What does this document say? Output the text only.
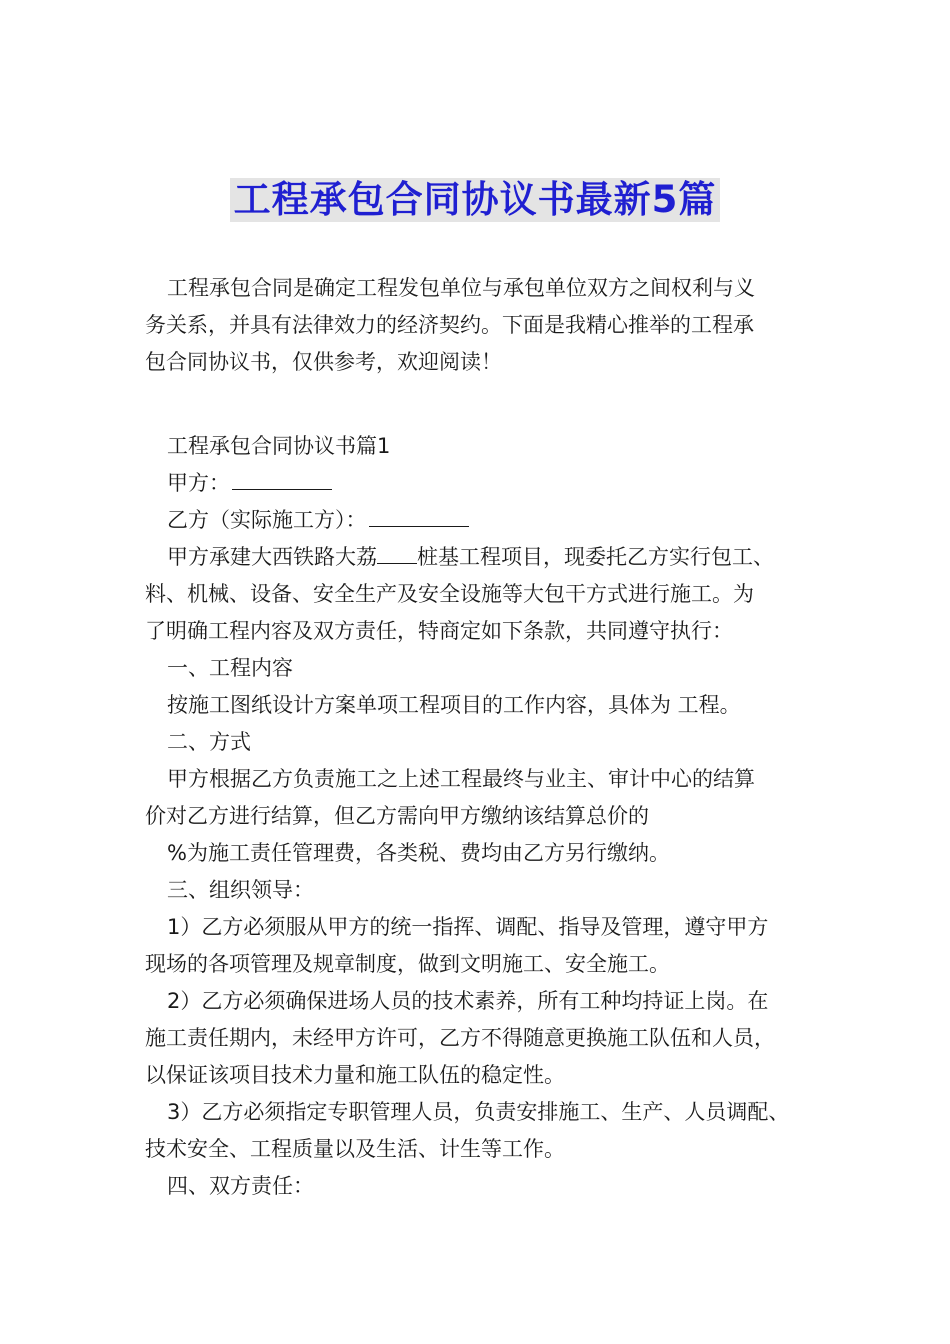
工程承包合同协议书最新5篇

工程承包合同是确定工程发包单位与承包单位双方之间权利与义

务关系，并具有法律效力的经济契约。下面是我精心推举的工程承

包合同协议书，仅供参考，欢迎阅读！

工程承包合同协议书篇1

甲方：

乙方（实际施工方）：

甲方承建大西铁路大荔 桩基工程项目，现委托乙方实行包工、

料、机械、设备、安全生产及安全设施等大包干方式进行施工。为

了明确工程内容及双方责任，特商定如下条款，共同遵守执行：

一、工程内容

按施工图纸设计方案单项工程项目的工作内容，具体为 工程。

二、方式

甲方根据乙方负责施工之上述工程最终与业主、审计中心的结算

价对乙方进行结算，但乙方需向甲方缴纳该结算总价的

%为施工责任管理费，各类税、费均由乙方另行缴纳。

三、组织领导：

1）乙方必须服从甲方的统一指挥、调配、指导及管理，遵守甲方

现场的各项管理及规章制度，做到文明施工、安全施工。

2）乙方必须确保进场人员的技术素养，所有工种均持证上岗。在

施工责任期内，未经甲方许可，乙方不得随意更换施工队伍和人员，

以保证该项目技术力量和施工队伍的稳定性。

3）乙方必须指定专职管理人员，负责安排施工、生产、人员调配、

技术安全、工程质量以及生活、计生等工作。

四、双方责任：
